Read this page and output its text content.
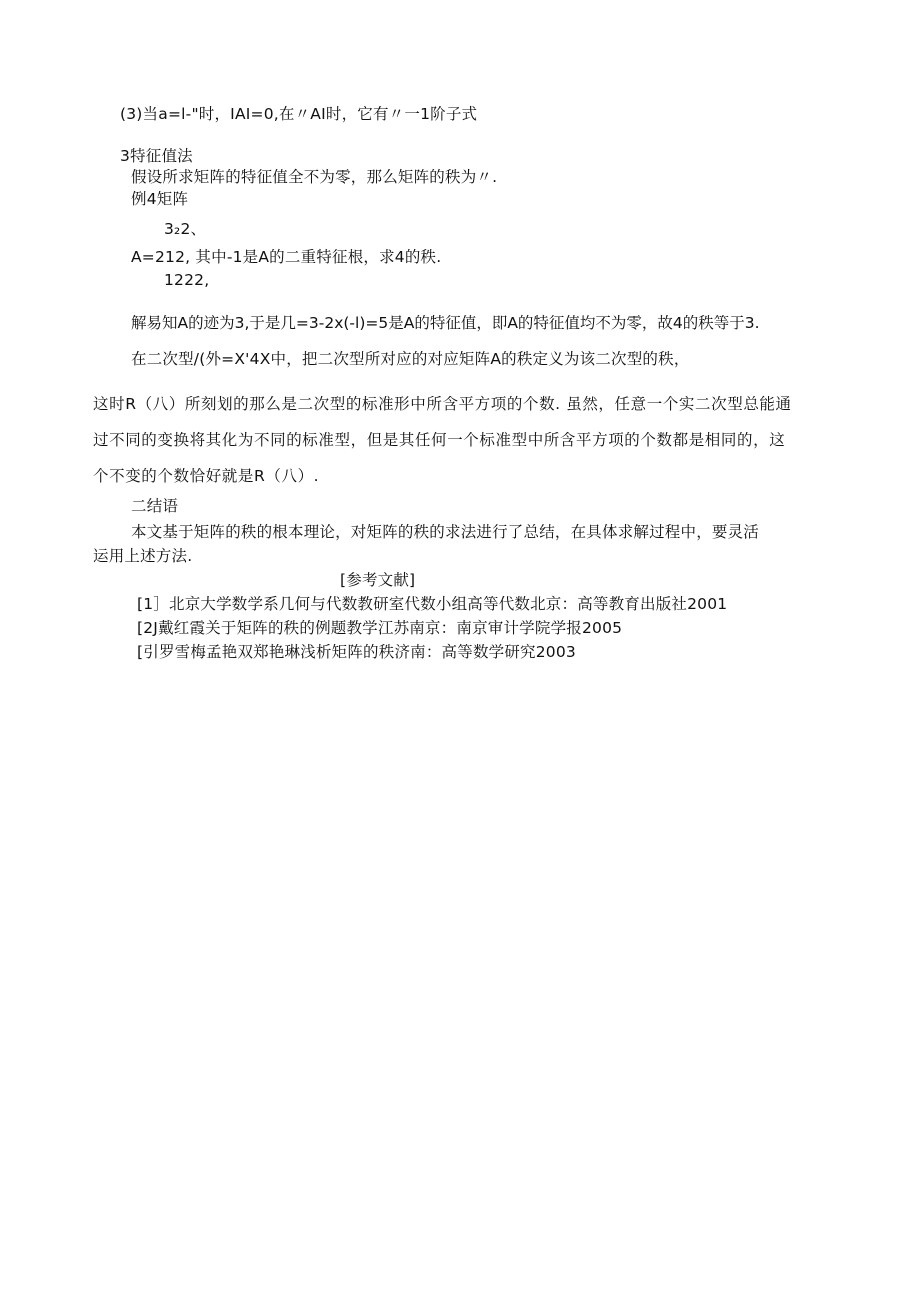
(3)当a=l-"时，IAI=0,在〃AI时，它有〃一1阶子式
3特征值法
假设所求矩阵的特征值全不为零，那么矩阵的秩为〃.
例4矩阵
3₂2、
A=212, 其中-1是A的二重特征根，求4的秩.
1222,
解易知A的迹为3,于是几=3-2x(-l)=5是A的特征值，即A的特征值均不为零，故4的秩等于3.
在二次型/(外=X'4X中，把二次型所对应的对应矩阵A的秩定义为该二次型的秩，
这时R（八）所刻划的那么是二次型的标准形中所含平方项的个数. 虽然，任意一个实二次型总能通
过不同的变换将其化为不同的标准型，但是其任何一个标准型中所含平方项的个数都是相同的，这
个不变的个数恰好就是R（八）.
二结语
本文基于矩阵的秩的根本理论，对矩阵的秩的求法进行了总结，在具体求解过程中，要灵活
运用上述方法.
[参考文献]
[1］北京大学数学系几何与代数教研室代数小组高等代数北京：高等教育出版社2001
[2J戴红霞关于矩阵的秩的例题教学江苏南京：南京审计学院学报2005
[引罗雪梅孟艳双郑艳琳浅析矩阵的秩济南：高等数学研究2003
